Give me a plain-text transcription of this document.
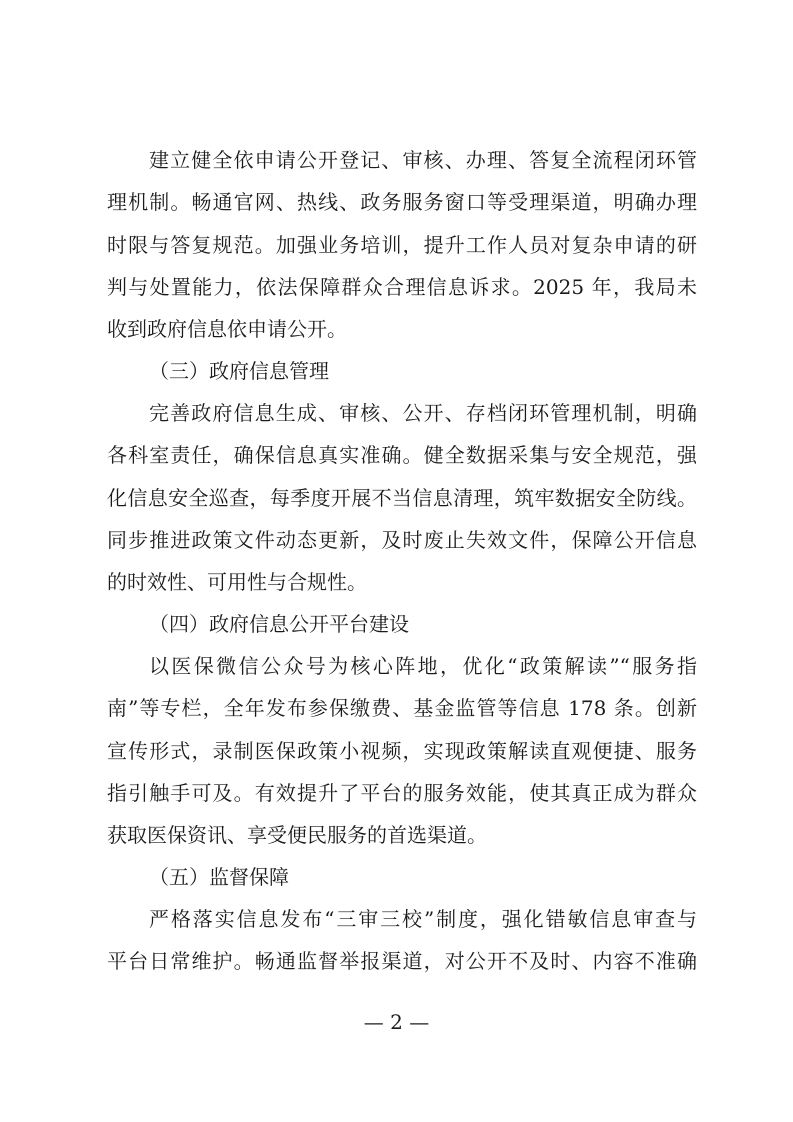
建立健全依申请公开登记、审核、办理、答复全流程闭环管

理机制。畅通官网、热线、政务服务窗口等受理渠道，明确办理

时限与答复规范。加强业务培训，提升工作人员对复杂申请的研

判与处置能力，依法保障群众合理信息诉求。2025 年，我局未

收到政府信息依申请公开。

（三）政府信息管理

完善政府信息生成、审核、公开、存档闭环管理机制，明确

各科室责任，确保信息真实准确。健全数据采集与安全规范，强

化信息安全巡查，每季度开展不当信息清理，筑牢数据安全防线。

同步推进政策文件动态更新，及时废止失效文件，保障公开信息

的时效性、可用性与合规性。

（四）政府信息公开平台建设

以医保微信公众号为核心阵地，优化“政策解读”“服务指

南”等专栏，全年发布参保缴费、基金监管等信息 178 条。创新

宣传形式，录制医保政策小视频，实现政策解读直观便捷、服务

指引触手可及。有效提升了平台的服务效能，使其真正成为群众

获取医保资讯、享受便民服务的首选渠道。

（五）监督保障

严格落实信息发布“三审三校”制度，强化错敏信息审查与

平台日常维护。畅通监督举报渠道，对公开不及时、内容不准确

— 2 —
